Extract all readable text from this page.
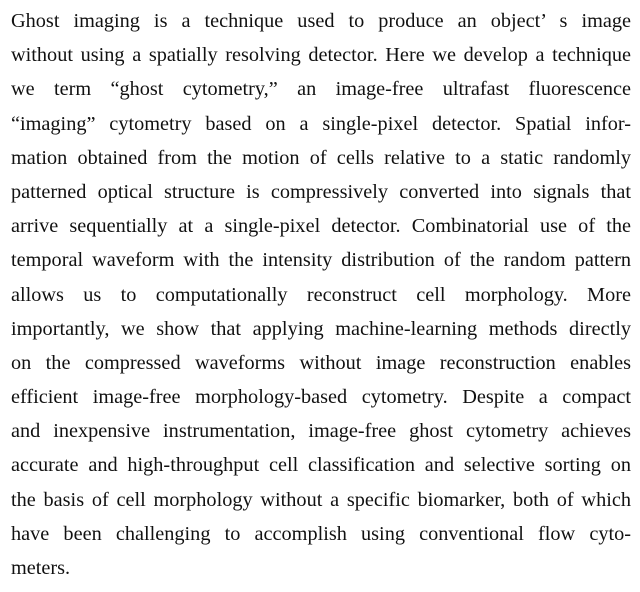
Ghost imaging is a technique used to produce an object’ s image
without using a spatially resolving detector. Here we develop a technique
we term “ghost cytometry,” an image-free ultrafast fluorescence
“imaging” cytometry based on a single-pixel detector. Spatial infor-
mation obtained from the motion of cells relative to a static randomly
patterned optical structure is compressively converted into signals that
arrive sequentially at a single-pixel detector. Combinatorial use of the
temporal waveform with the intensity distribution of the random pattern
allows us to computationally reconstruct cell morphology. More
importantly, we show that applying machine-learning methods directly
on the compressed waveforms without image reconstruction enables
efficient image-free morphology-based cytometry. Despite a compact
and inexpensive instrumentation, image-free ghost cytometry achieves
accurate and high-throughput cell classification and selective sorting on
the basis of cell morphology without a specific biomarker, both of which
have been challenging to accomplish using conventional flow cyto-
meters.
